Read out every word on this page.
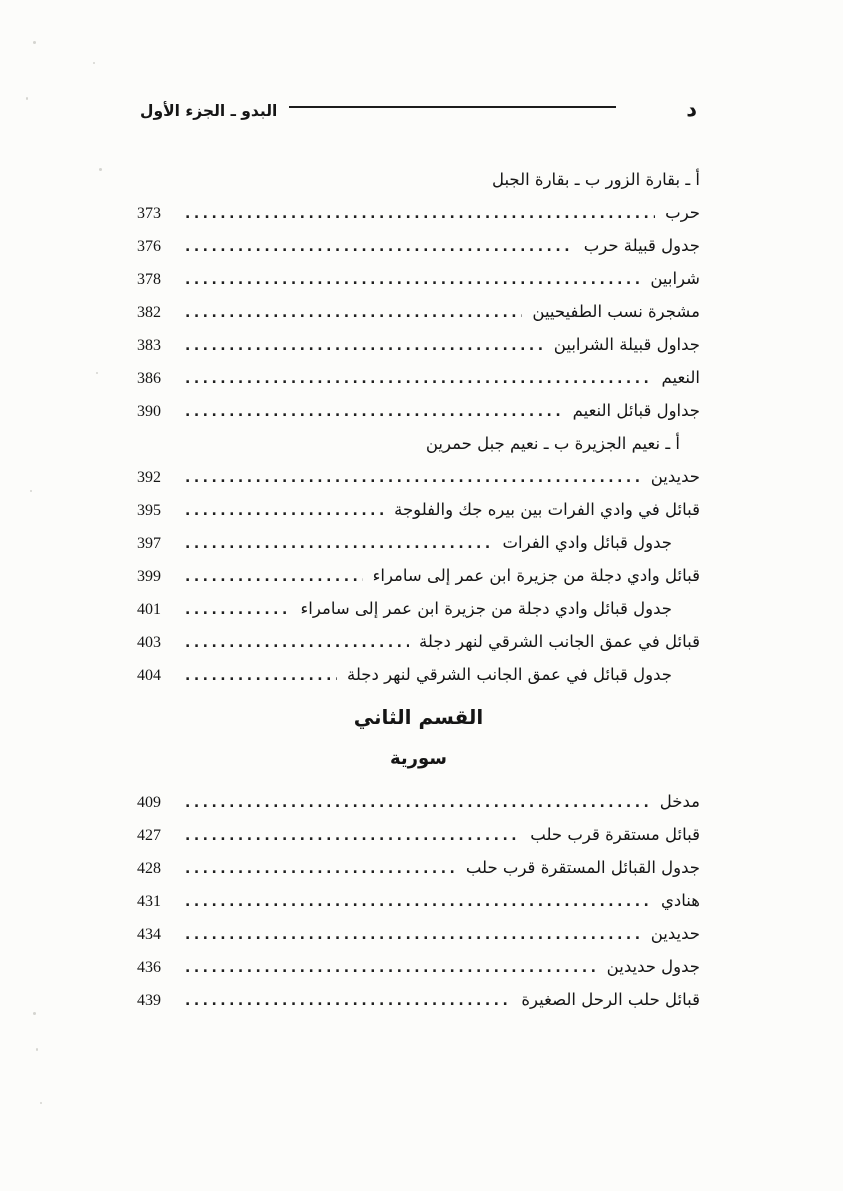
د
البدو ـ الجزء الأول
أ ـ بقارة الزور ب ـ بقارة الجبل
حرب
.....
373
جدول قبيلة حرب
.....
376
شرابين
.....
378
مشجرة نسب الطفيحيين
.....
382
جداول قبيلة الشرابين
.....
383
النعيم
.....
386
جداول قبائل النعيم
.....
390
أ ـ نعيم الجزيرة ب ـ نعيم جبل حمرين
حديدين
.....
392
قبائل في وادي الفرات بين بيره جك والفلوجة
.....
395
جدول قبائل وادي الفرات
.....
397
قبائل وادي دجلة من جزيرة ابن عمر إلى سامراء
.....
399
جدول قبائل وادي دجلة من جزيرة ابن عمر إلى سامراء
.....
401
قبائل في عمق الجانب الشرقي لنهر دجلة
.....
403
جدول قبائل في عمق الجانب الشرقي لنهر دجلة
.....
404
القسم الثاني
سورية
مدخل
.....
409
قبائل مستقرة قرب حلب
.....
427
جدول القبائل المستقرة قرب حلب
.....
428
هنادي
.....
431
حديدين
.....
434
جدول حديدين
.....
436
قبائل حلب الرحل الصغيرة
.....
439
